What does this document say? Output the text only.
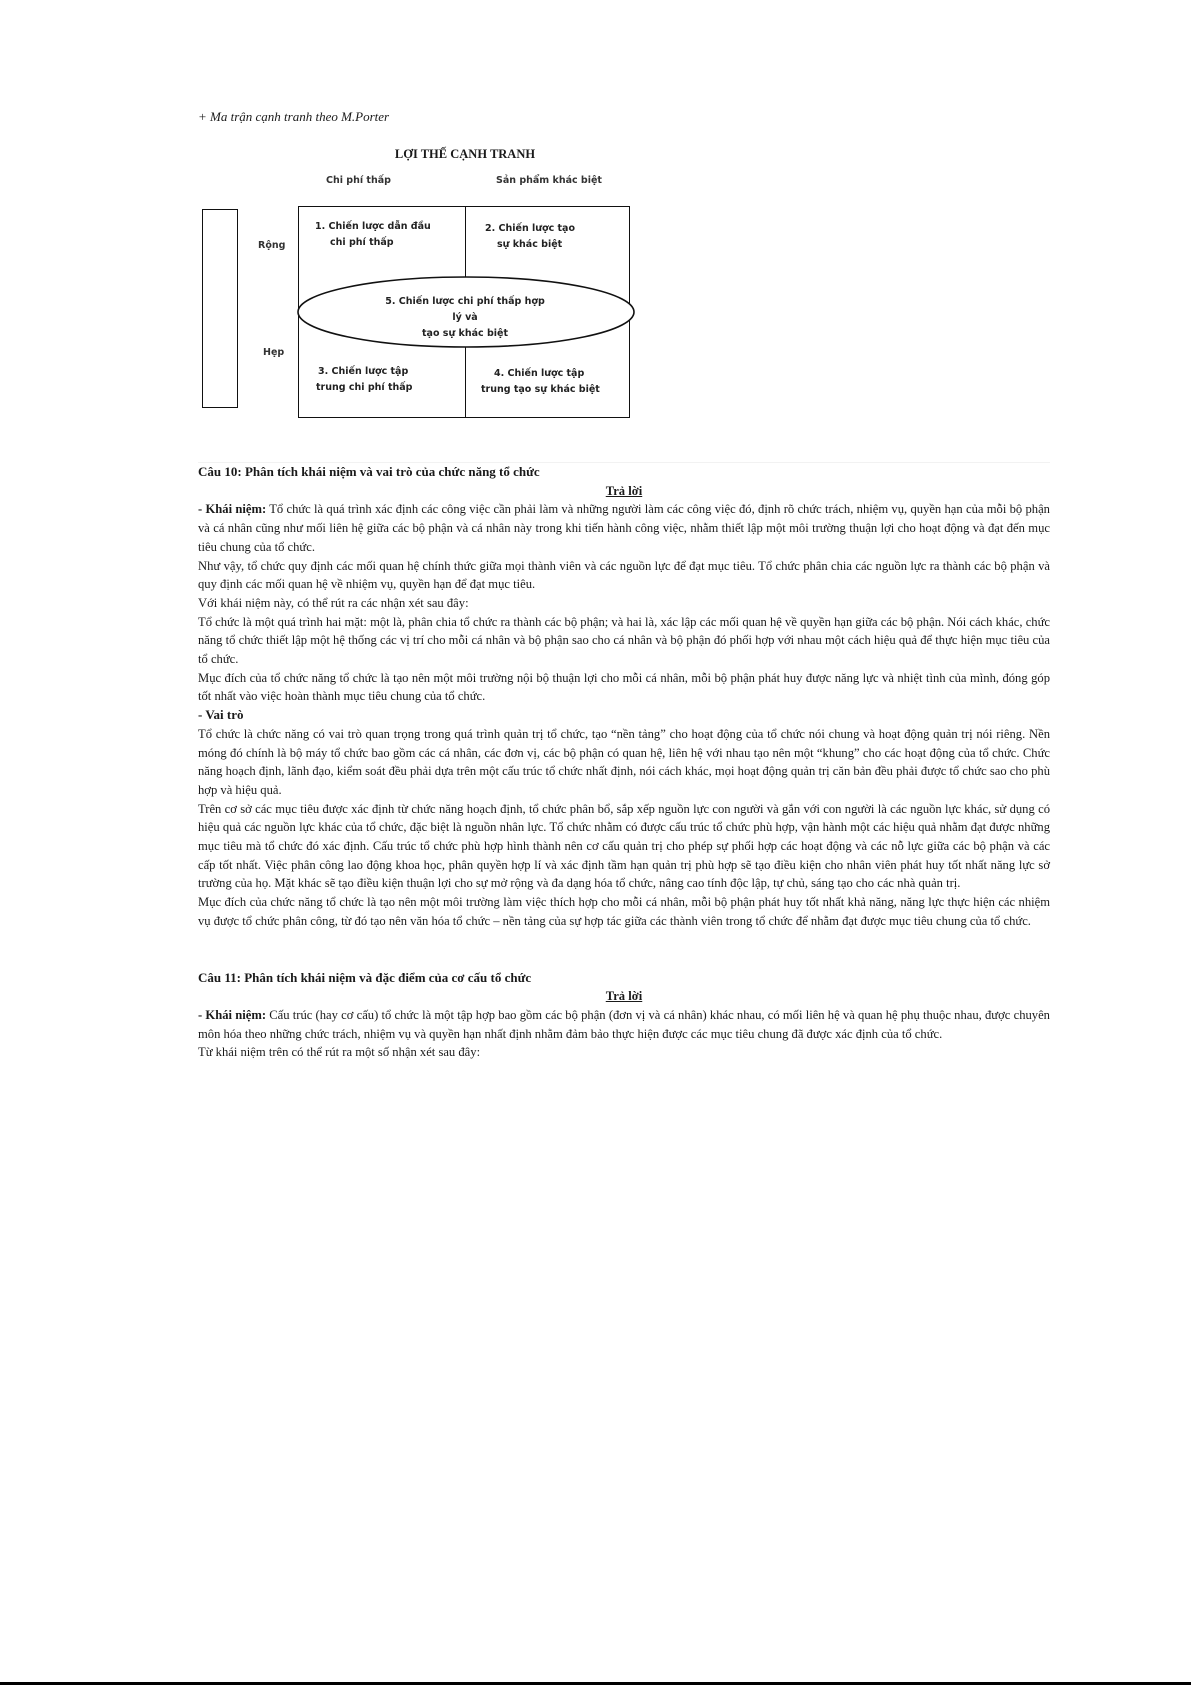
+ Ma trận cạnh tranh theo M.Porter
LỢI THẾ CẠNH TRANH
Chi phí thấp	Sản phẩm khác biệt
Rộng
Hẹp
1. Chiến lược dẫn đầu
chi phí thấp
2. Chiến lược tạo
sự khác biệt
5. Chiến lược chi phí thấp hợp lý và
tạo sự khác biệt
3. Chiến lược tập
trung chi phí thấp
4. Chiến lược tập
trung tạo sự khác biệt

Câu 10: Phân tích khái niệm và vai trò của chức năng tổ chức

Trả lời

- Khái niệm: Tổ chức là quá trình xác định các công việc cần phải làm và những người làm các công việc đó, định rõ chức trách, nhiệm vụ, quyền hạn của mỗi bộ phận và cá nhân cũng như mối liên hệ giữa các bộ phận và cá nhân này trong khi tiến hành công việc, nhằm thiết lập một môi trường thuận lợi cho hoạt động và đạt đến mục tiêu chung của tổ chức.

Như vậy, tổ chức quy định các mối quan hệ chính thức giữa mọi thành viên và các nguồn lực để đạt mục tiêu. Tổ chức phân chia các nguồn lực ra thành các bộ phận và quy định các mối quan hệ về nhiệm vụ, quyền hạn để đạt mục tiêu.

Với khái niệm này, có thể rút ra các nhận xét sau đây:

Tổ chức là một quá trình hai mặt: một là, phân chia tổ chức ra thành các bộ phận; và hai là, xác lập các mối quan hệ về quyền hạn giữa các bộ phận. Nói cách khác, chức năng tổ chức thiết lập một hệ thống các vị trí cho mỗi cá nhân và bộ phận sao cho cá nhân và bộ phận đó phối hợp với nhau một cách hiệu quả để thực hiện mục tiêu của tổ chức.

Mục đích của tổ chức năng tổ chức là tạo nên một môi trường nội bộ thuận lợi cho mỗi cá nhân, mỗi bộ phận phát huy được năng lực và nhiệt tình của mình, đóng góp tốt nhất vào việc hoàn thành mục tiêu chung của tổ chức.

- Vai trò

Tổ chức là chức năng có vai trò quan trọng trong quá trình quản trị tổ chức, tạo “nền tảng” cho hoạt động của tổ chức nói chung và hoạt động quản trị nói riêng. Nền móng đó chính là bộ máy tổ chức bao gồm các cá nhân, các đơn vị, các bộ phận có quan hệ, liên hệ với nhau tạo nên một “khung” cho các hoạt động của tổ chức. Chức năng hoạch định, lãnh đạo, kiểm soát đều phải dựa trên một cấu trúc tổ chức nhất định, nói cách khác, mọi hoạt động quản trị căn bản đều phải được tổ chức sao cho phù hợp và hiệu quả.

Trên cơ sở các mục tiêu được xác định từ chức năng hoạch định, tổ chức phân bổ, sắp xếp nguồn lực con người và gắn với con người là các nguồn lực khác, sử dụng có hiệu quả các nguồn lực khác của tổ chức, đặc biệt là nguồn nhân lực. Tổ chức nhằm có được cấu trúc tổ chức phù hợp, vận hành một các hiệu quả nhằm đạt được những mục tiêu mà tổ chức đó xác định. Cấu trúc tổ chức phù hợp hình thành nên cơ cấu quản trị cho phép sự phối hợp các hoạt động và các nỗ lực giữa các bộ phận và các cấp tốt nhất. Việc phân công lao động khoa học, phân quyền hợp lí và xác định tầm hạn quản trị phù hợp sẽ tạo điều kiện cho nhân viên phát huy tốt nhất năng lực sở trường của họ. Mặt khác sẽ tạo điều kiện thuận lợi cho sự mở rộng và đa dạng hóa tổ chức, nâng cao tính độc lập, tự chủ, sáng tạo cho các nhà quản trị.

Mục đích của chức năng tổ chức là tạo nên một môi trường làm việc thích hợp cho mỗi cá nhân, mỗi bộ phận phát huy tốt nhất khả năng, năng lực thực hiện các nhiệm vụ được tổ chức phân công, từ đó tạo nên văn hóa tổ chức – nền tảng của sự hợp tác giữa các thành viên trong tổ chức để nhằm đạt được mục tiêu chung của tổ chức.

Câu 11: Phân tích khái niệm và đặc điểm của cơ cấu tổ chức

Trả lời

- Khái niệm: Cấu trúc (hay cơ cấu) tổ chức là một tập hợp bao gồm các bộ phận (đơn vị và cá nhân) khác nhau, có mối liên hệ và quan hệ phụ thuộc nhau, được chuyên môn hóa theo những chức trách, nhiệm vụ và quyền hạn nhất định nhằm đảm bảo thực hiện được các mục tiêu chung đã được xác định của tổ chức.

Từ khái niệm trên có thể rút ra một số nhận xét sau đây:
